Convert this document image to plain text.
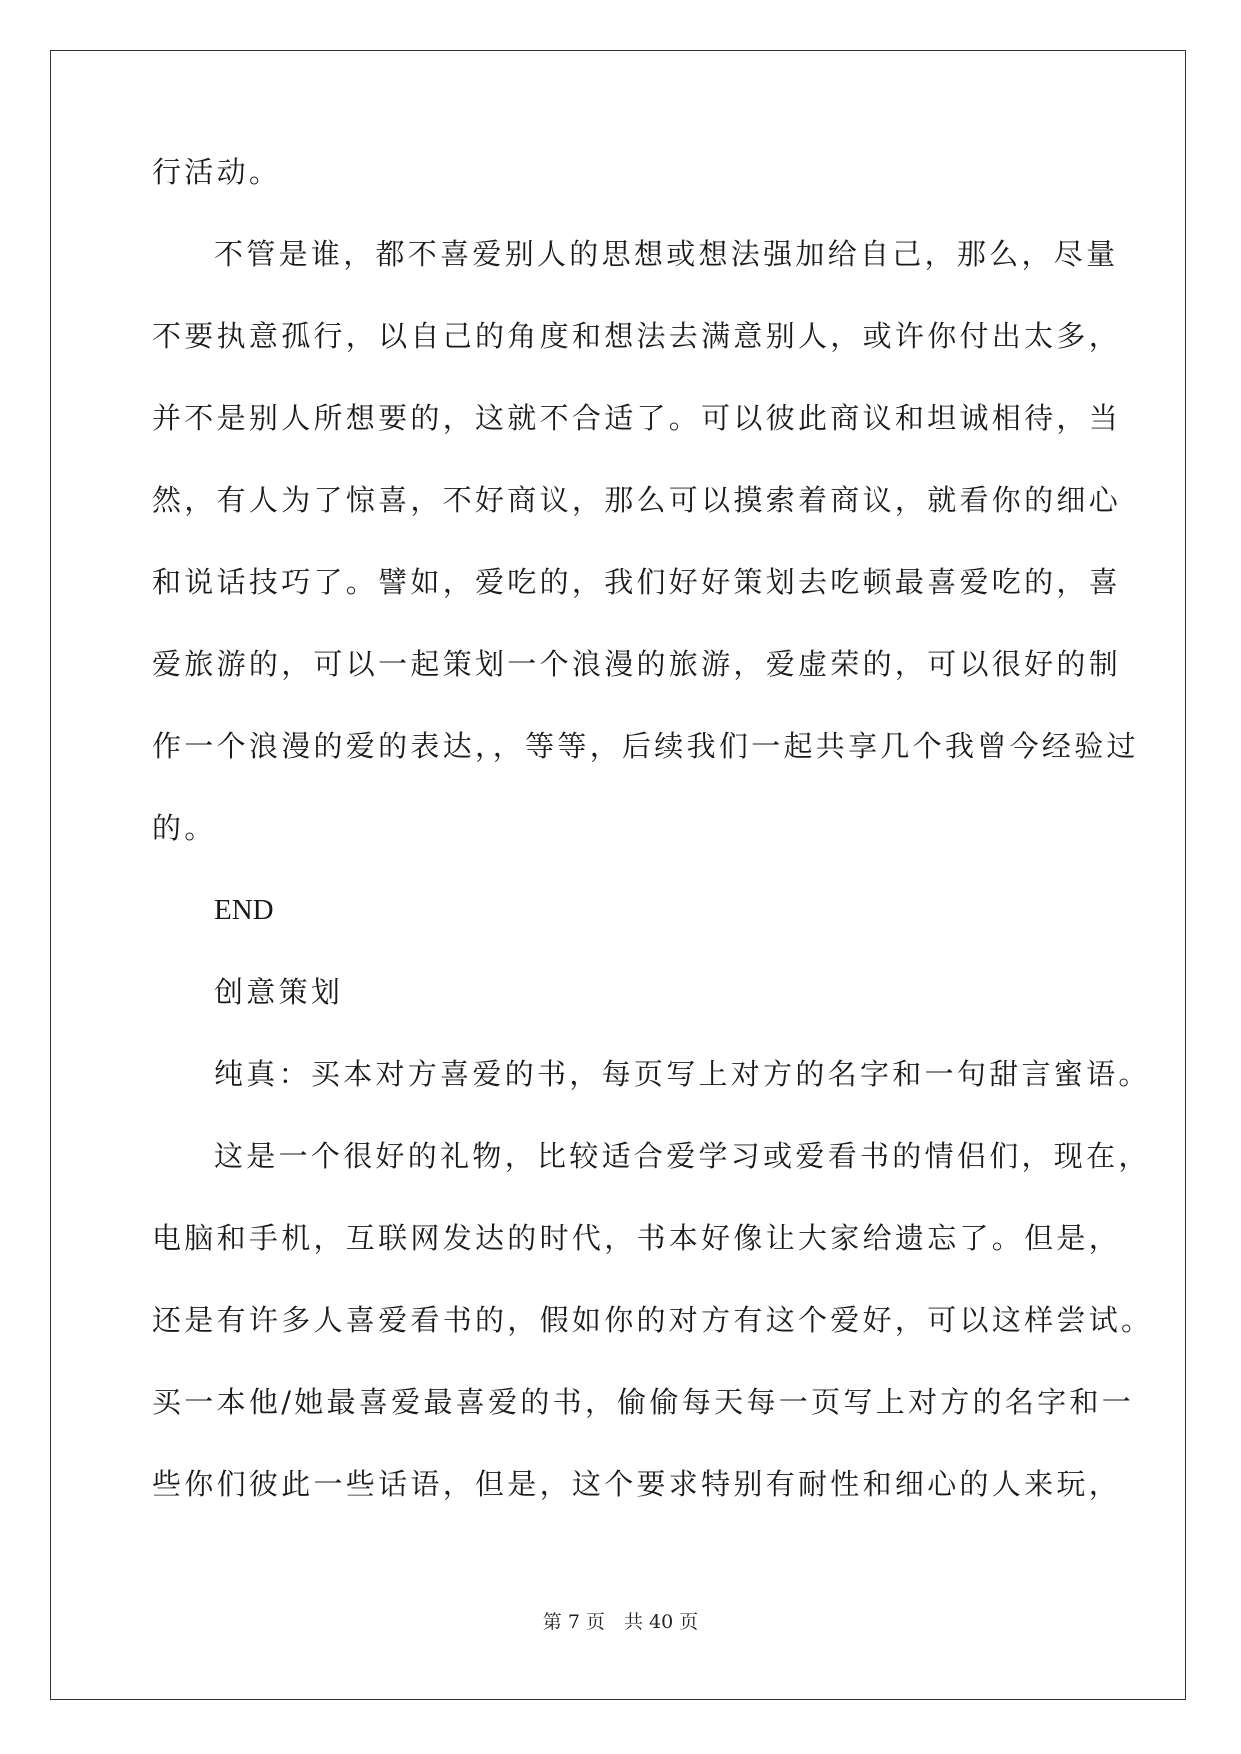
行活动。
不管是谁，都不喜爱别人的思想或想法强加给自己，那么，尽量
不要执意孤行，以自己的角度和想法去满意别人，或许你付出太多，
并不是别人所想要的，这就不合适了。可以彼此商议和坦诚相待，当
然，有人为了惊喜，不好商议，那么可以摸索着商议，就看你的细心
和说话技巧了。譬如，爱吃的，我们好好策划去吃顿最喜爱吃的，喜
爱旅游的，可以一起策划一个浪漫的旅游，爱虚荣的，可以很好的制
作一个浪漫的爱的表达，，等等，后续我们一起共享几个我曾今经验过
的。
END
创意策划
纯真：买本对方喜爱的书，每页写上对方的名字和一句甜言蜜语。
这是一个很好的礼物，比较适合爱学习或爱看书的情侣们，现在，
电脑和手机，互联网发达的时代，书本好像让大家给遗忘了。但是，
还是有许多人喜爱看书的，假如你的对方有这个爱好，可以这样尝试。
买一本他/她最喜爱最喜爱的书，偷偷每天每一页写上对方的名字和一
些你们彼此一些话语，但是，这个要求特别有耐性和细心的人来玩，
第 7 页　共 40 页
